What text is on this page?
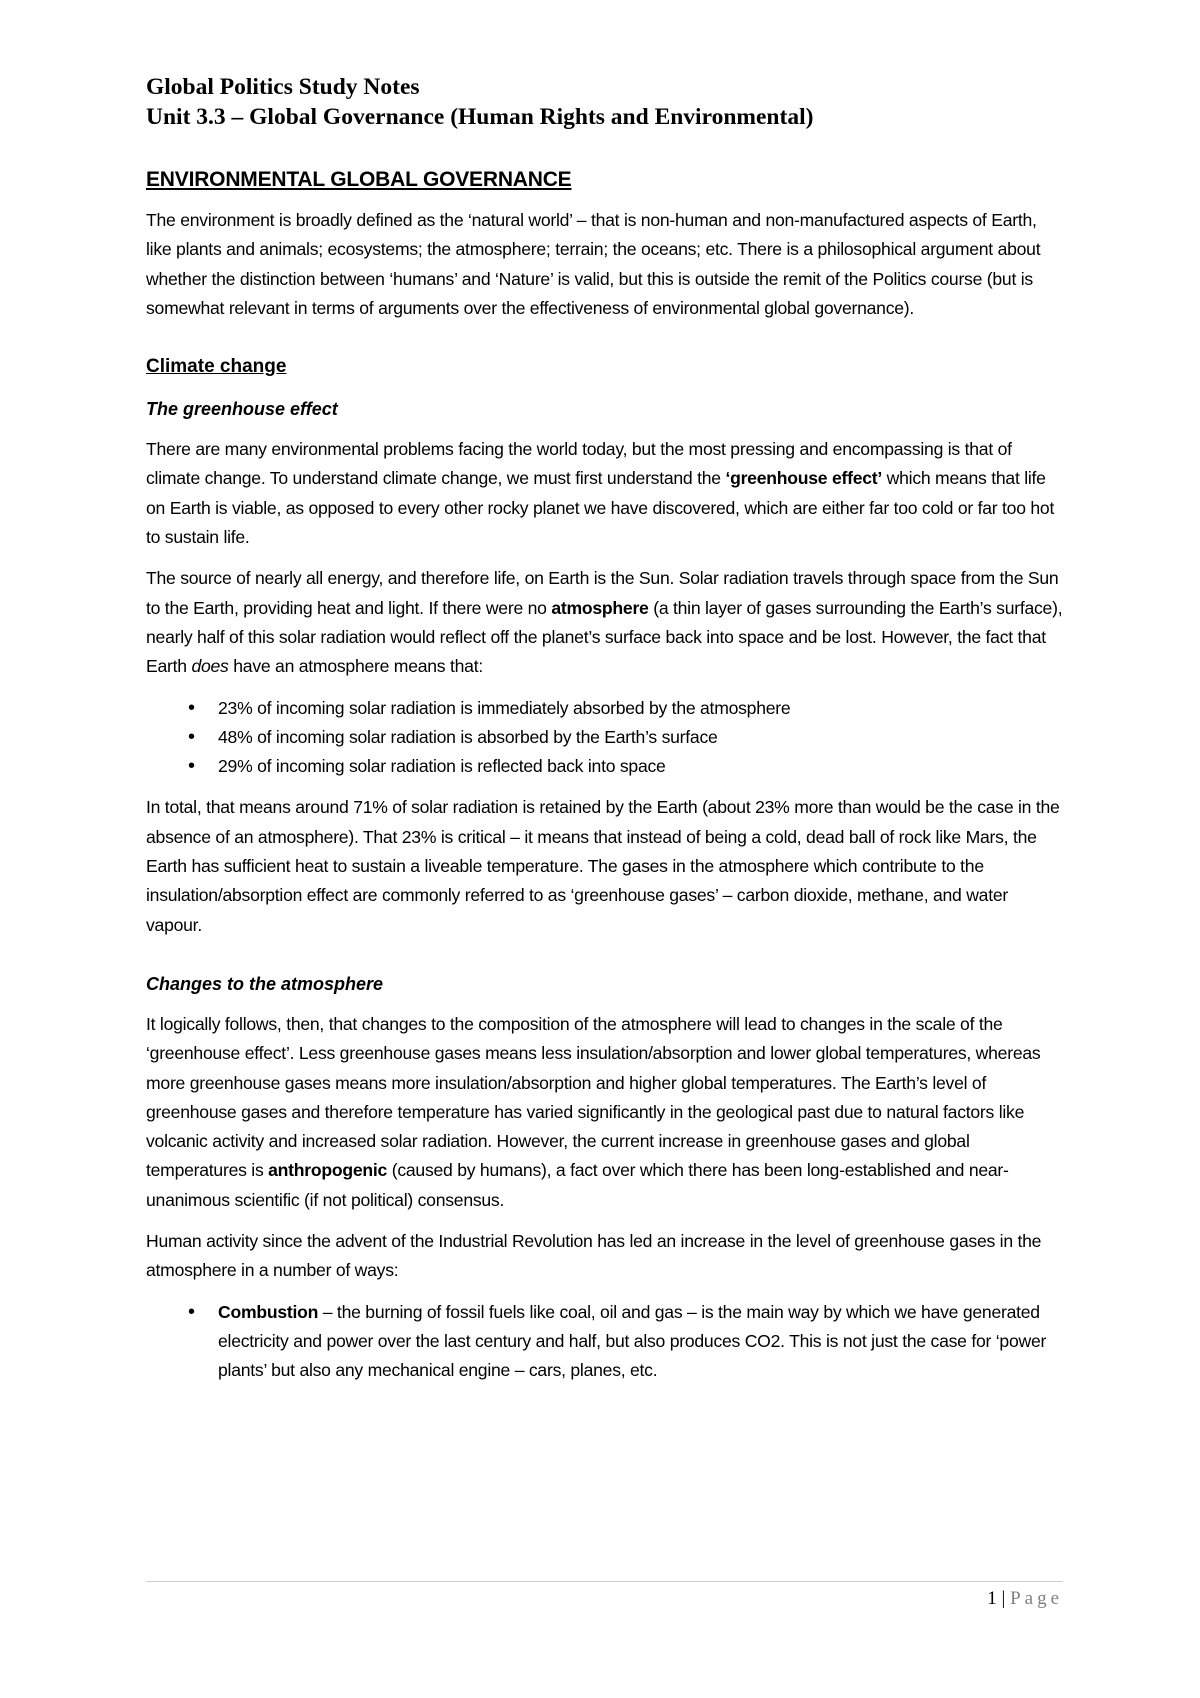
Global Politics Study Notes
Unit 3.3 – Global Governance (Human Rights and Environmental)
ENVIRONMENTAL GLOBAL GOVERNANCE

The environment is broadly defined as the ‘natural world’ – that is non-human and non-manufactured aspects of Earth, like plants and animals; ecosystems; the atmosphere; terrain; the oceans; etc. There is a philosophical argument about whether the distinction between ‘humans’ and ‘Nature’ is valid, but this is outside the remit of the Politics course (but is somewhat relevant in terms of arguments over the effectiveness of environmental global governance).

Climate change
The greenhouse effect

There are many environmental problems facing the world today, but the most pressing and encompassing is that of climate change. To understand climate change, we must first understand the ‘greenhouse effect’ which means that life on Earth is viable, as opposed to every other rocky planet we have discovered, which are either far too cold or far too hot to sustain life.

The source of nearly all energy, and therefore life, on Earth is the Sun. Solar radiation travels through space from the Sun to the Earth, providing heat and light. If there were no atmosphere (a thin layer of gases surrounding the Earth’s surface), nearly half of this solar radiation would reflect off the planet’s surface back into space and be lost. However, the fact that Earth does have an atmosphere means that:

• 23% of incoming solar radiation is immediately absorbed by the atmosphere
• 48% of incoming solar radiation is absorbed by the Earth’s surface
• 29% of incoming solar radiation is reflected back into space

In total, that means around 71% of solar radiation is retained by the Earth (about 23% more than would be the case in the absence of an atmosphere). That 23% is critical – it means that instead of being a cold, dead ball of rock like Mars, the Earth has sufficient heat to sustain a liveable temperature. The gases in the atmosphere which contribute to the insulation/absorption effect are commonly referred to as ‘greenhouse gases’ – carbon dioxide, methane, and water vapour.

Changes to the atmosphere

It logically follows, then, that changes to the composition of the atmosphere will lead to changes in the scale of the ‘greenhouse effect’. Less greenhouse gases means less insulation/absorption and lower global temperatures, whereas more greenhouse gases means more insulation/absorption and higher global temperatures. The Earth’s level of greenhouse gases and therefore temperature has varied significantly in the geological past due to natural factors like volcanic activity and increased solar radiation. However, the current increase in greenhouse gases and global temperatures is anthropogenic (caused by humans), a fact over which there has been long-established and near-unanimous scientific (if not political) consensus.

Human activity since the advent of the Industrial Revolution has led an increase in the level of greenhouse gases in the atmosphere in a number of ways:

• Combustion – the burning of fossil fuels like coal, oil and gas – is the main way by which we have generated electricity and power over the last century and half, but also produces CO2. This is not just the case for ‘power plants’ but also any mechanical engine – cars, planes, etc.
1 | Page
